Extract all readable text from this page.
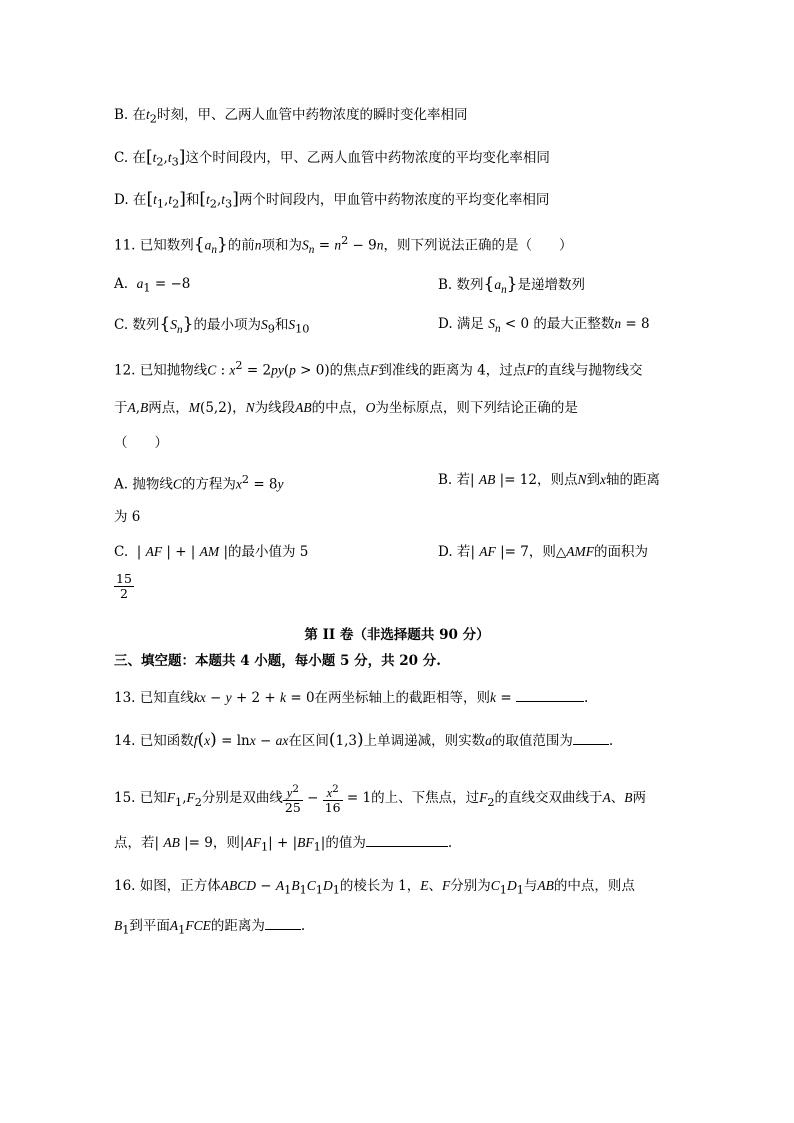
B. 在$t_2$时刻，甲、乙两人血管中药物浓度的瞬时变化率相同
C. 在$[t_2,t_3]$这个时间段内，甲、乙两人血管中药物浓度的平均变化率相同
D. 在$[t_1,t_2]$和$[t_2,t_3]$两个时间段内，甲血管中药物浓度的平均变化率相同
11. 已知数列$\{a_n\}$的前n项和为$S_n = n^2 - 9n$，则下列说法正确的是（　　）
A. $a_1 = -8$	B. 数列$\{a_n\}$是递增数列
C. 数列$\{S_n\}$的最小项为$S_9$和$S_{10}$	D. 满足 $S_n < 0$ 的最大正整数n = 8
12. 已知抛物线C : $x^2 = 2py(p > 0)$的焦点F到准线的距离为 4，过点F的直线与抛物线交
于A,B两点，M(5,2)，N为线段AB的中点，O为坐标原点，则下列结论正确的是
（　　）
A. 抛物线C的方程为$x^2 = 8y$	B. 若| AB |= 12，则点N到x轴的距离
为 6
C.  | AF | + | AM |的最小值为 5	D. 若| AF |= 7，则△AMF的面积为
$\frac{15}{2}$
第 II 卷（非选择题共 90 分）
三、填空题：本题共 4 小题，每小题 5 分，共 20 分.
13. 已知直线kx − y + 2 + k = 0在两坐标轴上的截距相等，则k =	.
14. 已知函数f(x) = lnx − ax在区间(1,3)上单调递减，则实数a的取值范围为	.
15. 已知$F_1,F_2$分别是双曲线 $\frac{y^2}{25} - \frac{x^2}{16} = 1$的上、下焦点，过$F_2$的直线交双曲线于A、B两
点，若| AB |= 9，则$|AF_1| + |BF_1|$的值为	.
16. 如图，正方体ABCD − $A_1B_1C_1D_1$的棱长为 1，E、F分别为$C_1D_1$与AB的中点，则点
$B_1$到平面$A_1FCE$的距离为	.
